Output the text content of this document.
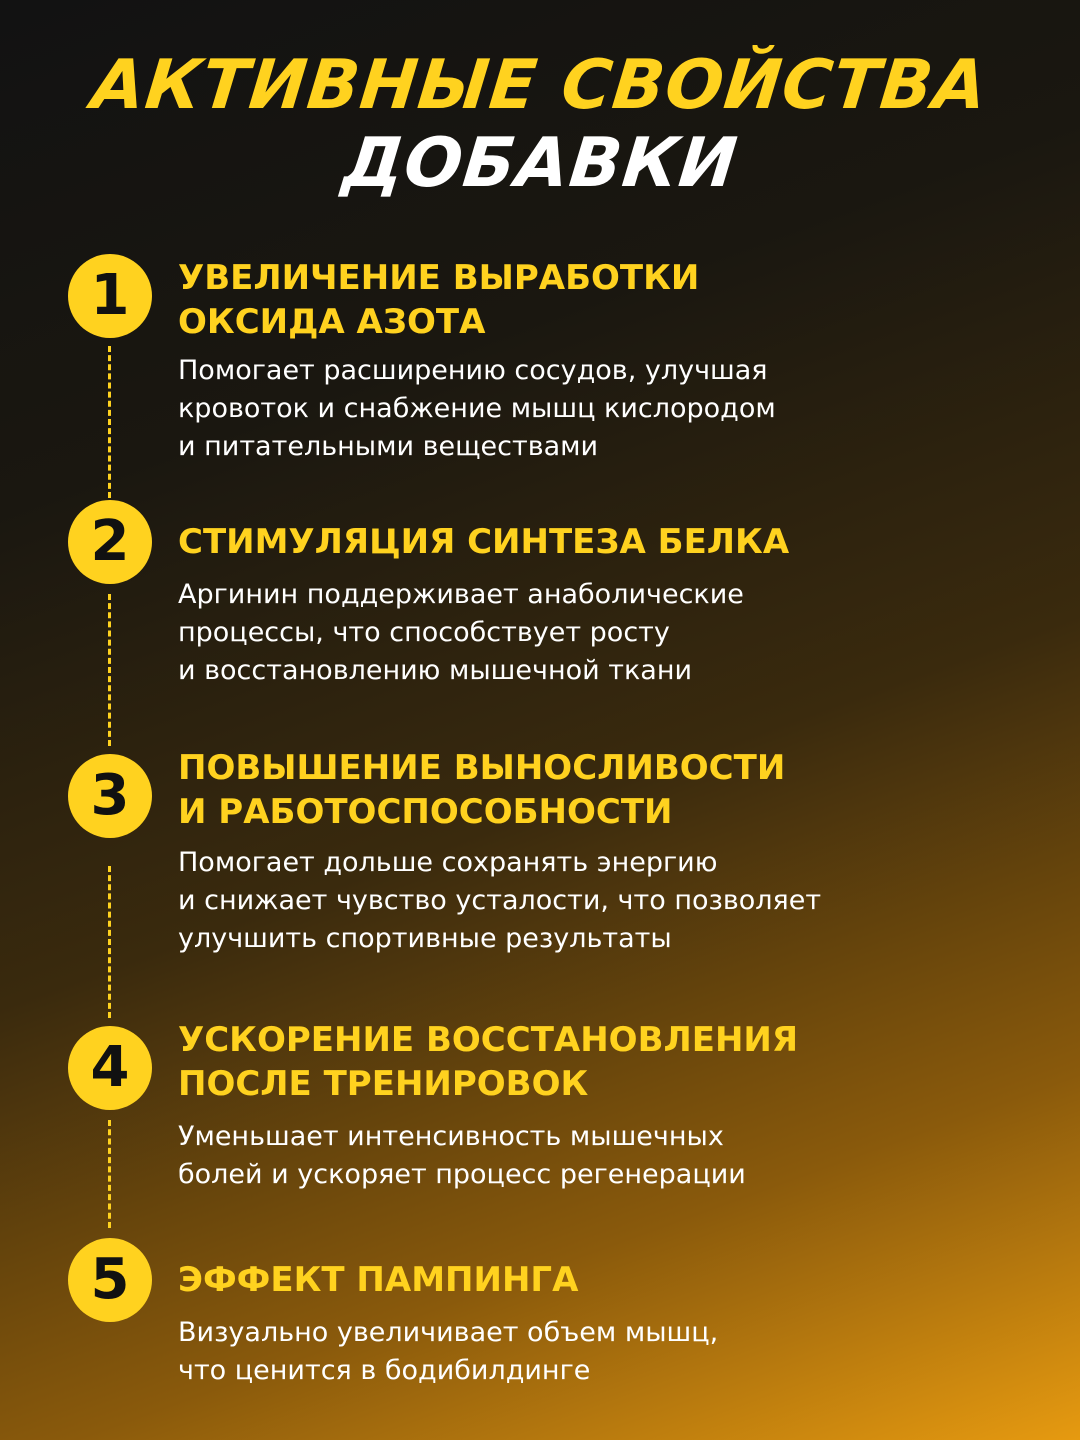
АКТИВНЫЕ СВОЙСТВА
ДОБАВКИ
1	УВЕЛИЧЕНИЕ ВЫРАБОТКИ
ОКСИДА АЗОТА
Помогает расширению сосудов, улучшая
кровоток и снабжение мышц кислородом
и питательными веществами
2	СТИМУЛЯЦИЯ СИНТЕЗА БЕЛКА
Аргинин поддерживает анаболические
процессы, что способствует росту
и восстановлению мышечной ткани
3	ПОВЫШЕНИЕ ВЫНОСЛИВОСТИ
И РАБОТОСПОСОБНОСТИ
Помогает дольше сохранять энергию
и снижает чувство усталости, что позволяет
улучшить спортивные результаты
4	УСКОРЕНИЕ ВОССТАНОВЛЕНИЯ
ПОСЛЕ ТРЕНИРОВОК
Уменьшает интенсивность мышечных
болей и ускоряет процесс регенерации
5	ЭФФЕКТ ПАМПИНГА
Визуально увеличивает объем мышц,
что ценится в бодибилдинге
